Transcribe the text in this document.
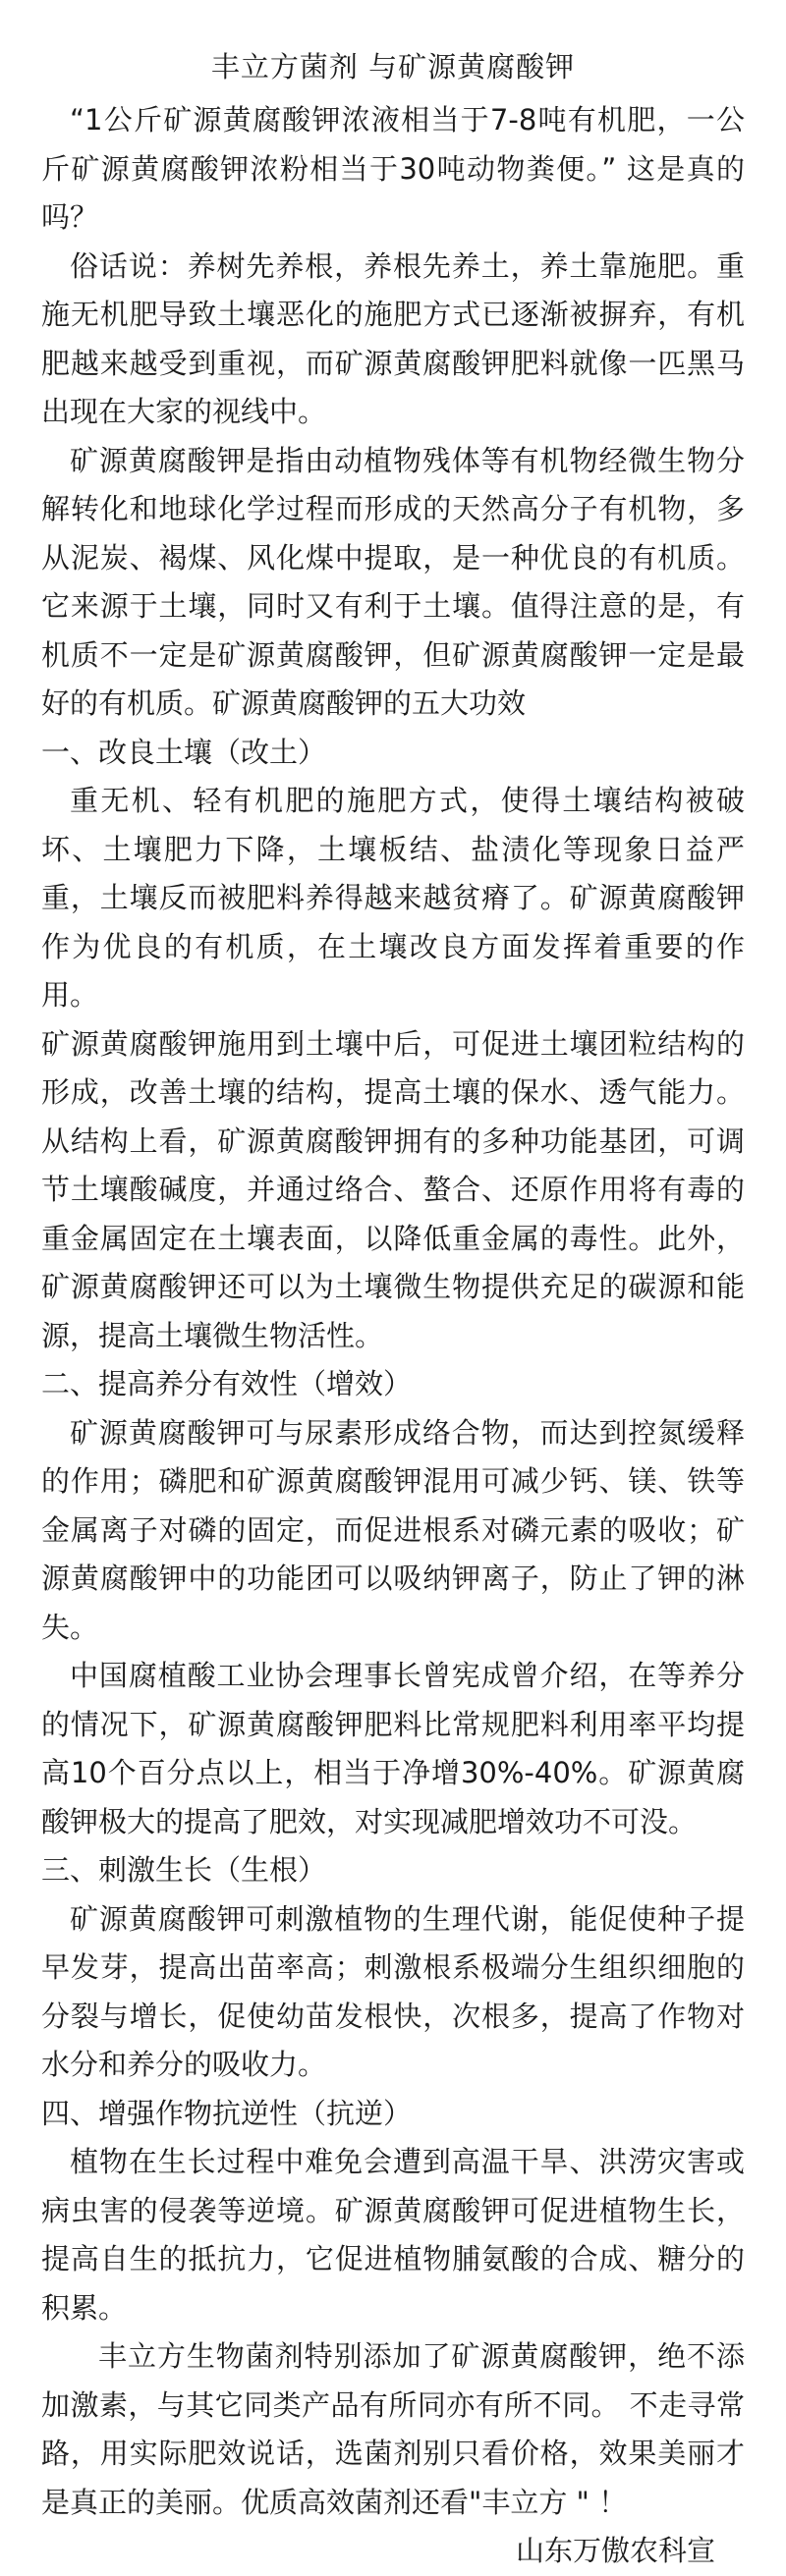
丰立方菌剂 与矿源黄腐酸钾

“1公斤矿源黄腐酸钾浓液相当于7-8吨有机肥，一公斤矿源黄腐酸钾浓粉相当于30吨动物粪便。” 这是真的吗？

俗话说：养树先养根，养根先养土，养土靠施肥。重施无机肥导致土壤恶化的施肥方式已逐渐被摒弃，有机肥越来越受到重视，而矿源黄腐酸钾肥料就像一匹黑马出现在大家的视线中。

矿源黄腐酸钾是指由动植物残体等有机物经微生物分解转化和地球化学过程而形成的天然高分子有机物，多从泥炭、褐煤、风化煤中提取，是一种优良的有机质。它来源于土壤，同时又有利于土壤。值得注意的是，有机质不一定是矿源黄腐酸钾，但矿源黄腐酸钾一定是最好的有机质。矿源黄腐酸钾的五大功效

一、改良土壤（改土）

重无机、轻有机肥的施肥方式，使得土壤结构被破坏、土壤肥力下降，土壤板结、盐渍化等现象日益严重，土壤反而被肥料养得越来越贫瘠了。矿源黄腐酸钾作为优良的有机质，在土壤改良方面发挥着重要的作用。

矿源黄腐酸钾施用到土壤中后，可促进土壤团粒结构的形成，改善土壤的结构，提高土壤的保水、透气能力。从结构上看，矿源黄腐酸钾拥有的多种功能基团，可调节土壤酸碱度，并通过络合、螯合、还原作用将有毒的重金属固定在土壤表面，以降低重金属的毒性。此外，矿源黄腐酸钾还可以为土壤微生物提供充足的碳源和能源，提高土壤微生物活性。

二、提高养分有效性（增效）

矿源黄腐酸钾可与尿素形成络合物，而达到控氮缓释的作用；磷肥和矿源黄腐酸钾混用可减少钙、镁、铁等金属离子对磷的固定，而促进根系对磷元素的吸收；矿源黄腐酸钾中的功能团可以吸纳钾离子，防止了钾的淋失。

中国腐植酸工业协会理事长曾宪成曾介绍，在等养分的情况下，矿源黄腐酸钾肥料比常规肥料利用率平均提高10个百分点以上，相当于净增30%-40%。矿源黄腐酸钾极大的提高了肥效，对实现减肥增效功不可没。

三、刺激生长（生根）

矿源黄腐酸钾可刺激植物的生理代谢，能促使种子提早发芽，提高出苗率高；刺激根系极端分生组织细胞的分裂与增长，促使幼苗发根快，次根多，提高了作物对水分和养分的吸收力。

四、增强作物抗逆性（抗逆）

植物在生长过程中难免会遭到高温干旱、洪涝灾害或病虫害的侵袭等逆境。矿源黄腐酸钾可促进植物生长，提高自生的抵抗力，它促进植物脯氨酸的合成、糖分的积累。

丰立方生物菌剂特别添加了矿源黄腐酸钾，绝不添加激素，与其它同类产品有所同亦有所不同。 不走寻常路，用实际肥效说话，选菌剂别只看价格，效果美丽才是真正的美丽。优质高效菌剂还看"丰立方 " ！

山东万傲农科宣
